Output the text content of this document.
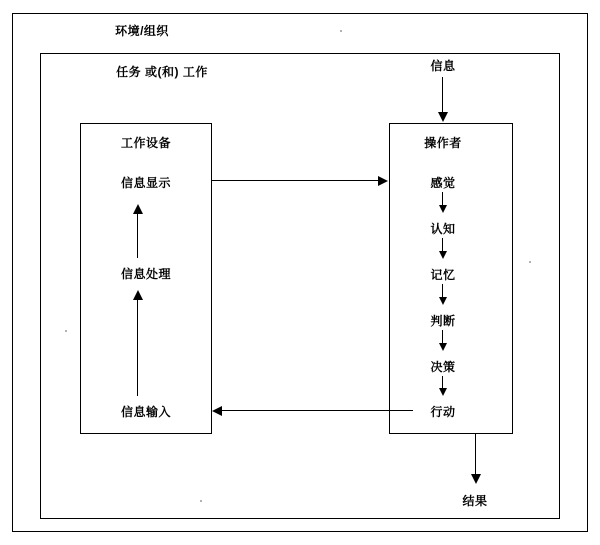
环境/组织
任务 或(和) 工作	信息
工作设备
信息显示
信息处理
信息输入
操作者
感觉
认知
记忆
判断
决策
行动
结果
